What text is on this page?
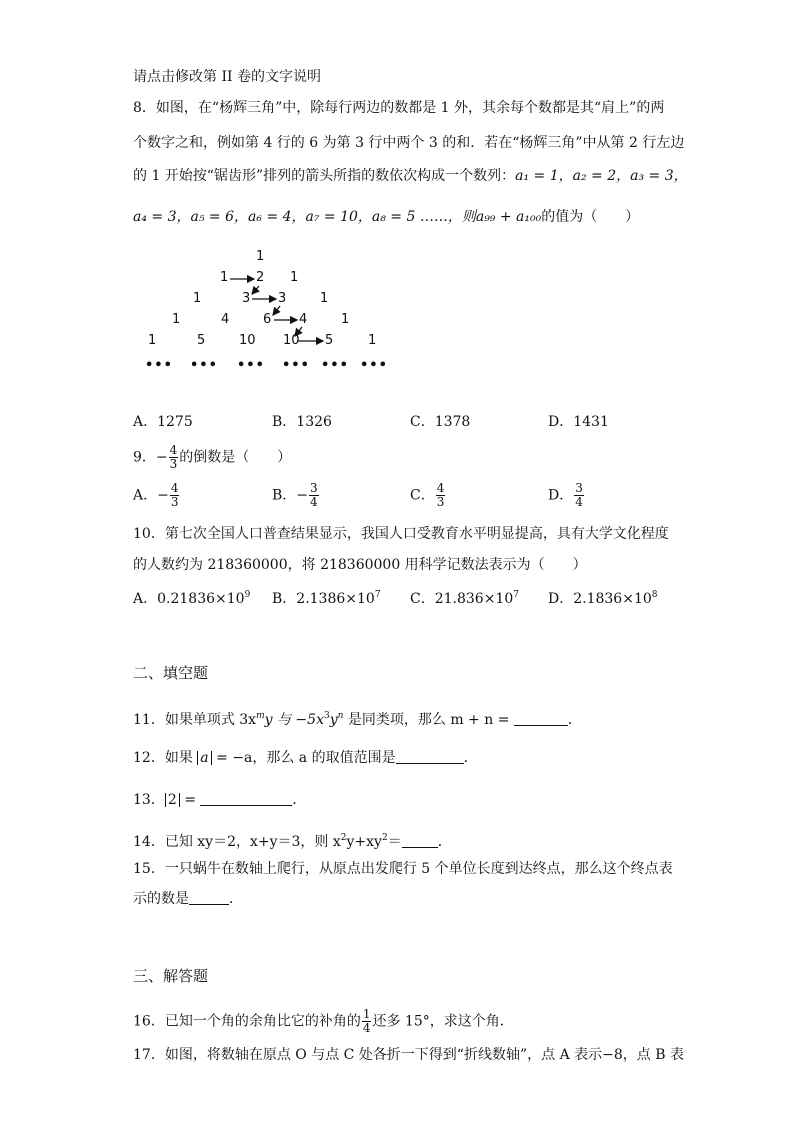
请点击修改第 II 卷的文字说明
8．如图，在“杨辉三角”中，除每行两边的数都是 1 外，其余每个数都是其“肩上”的两
个数字之和，例如第 4 行的 6 为第 3 行中两个 3 的和．若在“杨辉三角”中从第 2 行左边
的 1 开始按“锯齿形”排列的箭头所指的数依次构成一个数列：a₁ = 1，a₂ = 2，a₃ = 3，
a₄ = 3，a₅ = 6，a₆ = 4，a₇ = 10，a₈ = 5 ……，则a₉₉ + a₁₀₀的值为（　　）
1
1 2 1
1	3 3	1
1	4	6 4	1
1	5	10 10 5	1
••• ••• ••• ••• ••• •••
A．1275	B．1326	C．1378	D．1431
9．− $\frac{4}{3}$ 的倒数是（　　）
A．− $\frac{4}{3}$	B．− $\frac{3}{4}$	C． $\frac{4}{3}$	D． $\frac{3}{4}$
10．第七次全国人口普查结果显示，我国人口受教育水平明显提高，具有大学文化程度
的人数约为 218360000，将 218360000 用科学记数法表示为（　　）
A．$0.21836\times 10^9$ B．$2.1386\times 10^7$ C．$21.836\times 10^7$ D．$2.1836\times 10^8$
二、填空题
11．如果单项式 $3x^my$ 与 $-5x^3y^n$ 是同类项，那么 m + n =	．
12．如果 a = −a，那么 a 的取值范围是	．
13． 2 =	．
14．已知 xy＝2，x+y＝3，则 $x^2y+xy^2=$	．
15．一只蜗牛在数轴上爬行，从原点出发爬行 5 个单位长度到达终点，那么这个终点表
示的数是	．
三、解答题
16．已知一个角的余角比它的补角的 $\frac{1}{4}$ 还多 15°，求这个角．
17．如图，将数轴在原点 O 与点 C 处各折一下得到“折线数轴”，点 A 表示−8，点 B 表
